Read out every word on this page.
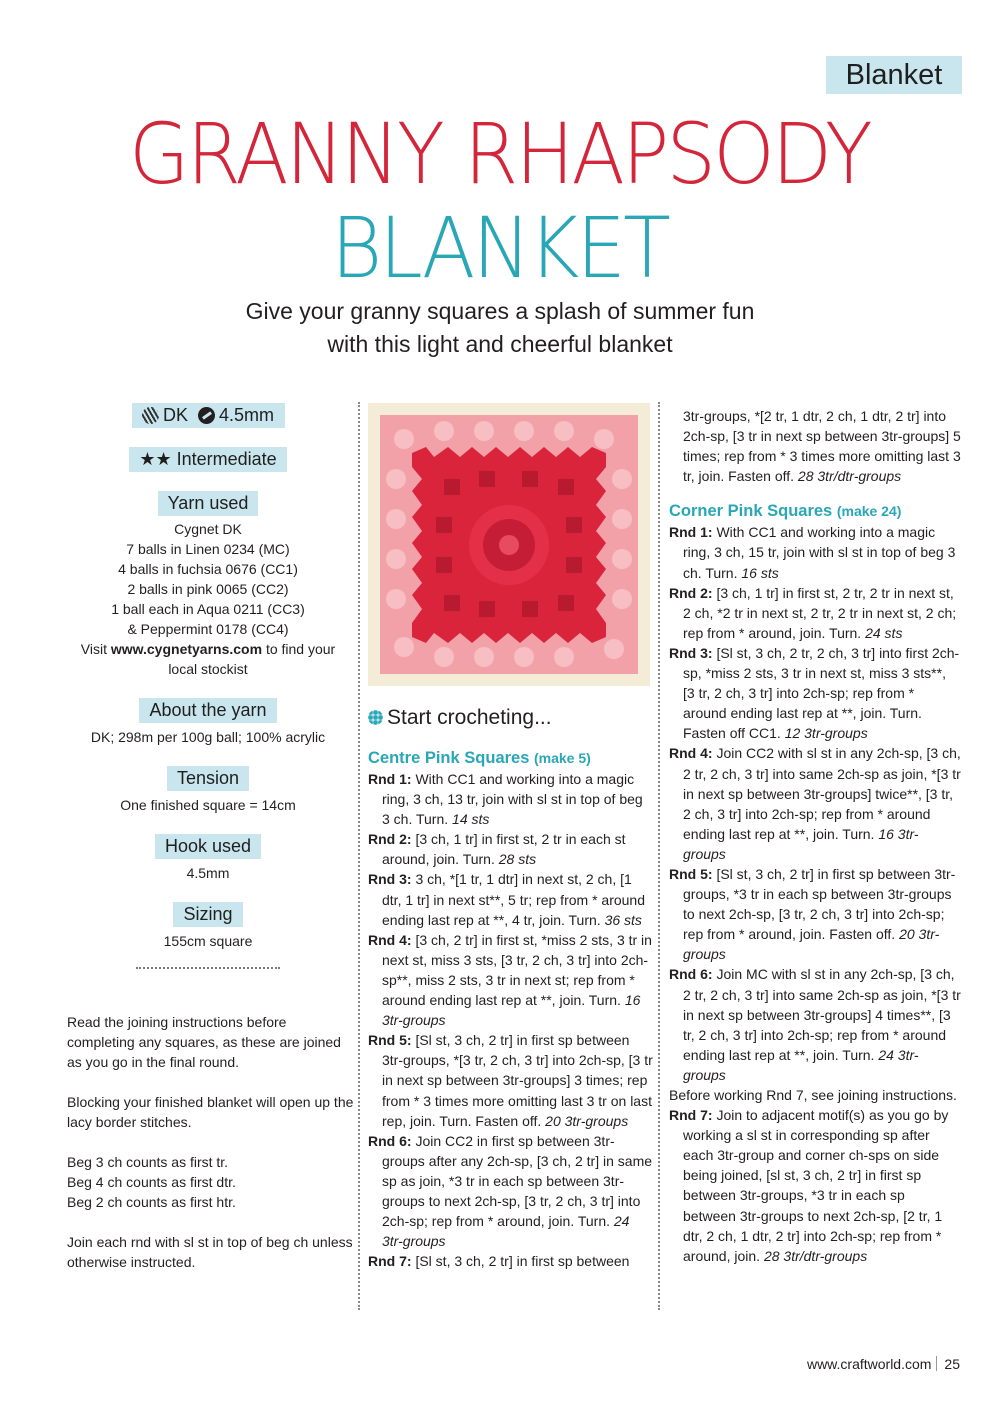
Blanket
GRANNY RHAPSODY
BLANKET
Give your granny squares a splash of summer fun
with this light and cheerful blanket
DK 4.5mm
★★ Intermediate
Yarn used
Cygnet DK
7 balls in Linen 0234 (MC)
4 balls in fuchsia 0676 (CC1)
2 balls in pink 0065 (CC2)
1 ball each in Aqua 0211 (CC3)
& Peppermint 0178 (CC4)
Visit www.cygnetyarns.com to find your
local stockist
About the yarn
DK; 298m per 100g ball; 100% acrylic
Tension
One finished square = 14cm
Hook used
4.5mm
Sizing
155cm square

Read the joining instructions before completing any squares, as these are joined as you go in the final round.

Blocking your finished blanket will open up the lacy border stitches.

Beg 3 ch counts as first tr.
Beg 4 ch counts as first dtr.
Beg 2 ch counts as first htr.

Join each rnd with sl st in top of beg ch unless otherwise instructed.

Start crocheting...
Centre Pink Squares (make 5)
Rnd 1: With CC1 and working into a magic ring, 3 ch, 13 tr, join with sl st in top of beg 3 ch. Turn. 14 sts
Rnd 2: [3 ch, 1 tr] in first st, 2 tr in each st around, join. Turn. 28 sts
Rnd 3: 3 ch, *[1 tr, 1 dtr] in next st, 2 ch, [1 dtr, 1 tr] in next st**, 5 tr; rep from * around ending last rep at **, 4 tr, join. Turn. 36 sts
Rnd 4: [3 ch, 2 tr] in first st, *miss 2 sts, 3 tr in next st, miss 3 sts, [3 tr, 2 ch, 3 tr] into 2ch-sp**, miss 2 sts, 3 tr in next st; rep from * around ending last rep at **, join. Turn. 16 3tr-groups
Rnd 5: [Sl st, 3 ch, 2 tr] in first sp between 3tr-groups, *[3 tr, 2 ch, 3 tr] into 2ch-sp, [3 tr in next sp between 3tr-groups] 3 times; rep from * 3 times more omitting last 3 tr on last rep, join. Turn. Fasten off. 20 3tr-groups
Rnd 6: Join CC2 in first sp between 3tr-groups after any 2ch-sp, [3 ch, 2 tr] in same sp as join, *3 tr in each sp between 3tr-groups to next 2ch-sp, [3 tr, 2 ch, 3 tr] into 2ch-sp; rep from * around, join. Turn. 24 3tr-groups
Rnd 7: [Sl st, 3 ch, 2 tr] in first sp between
3tr-groups, *[2 tr, 1 dtr, 2 ch, 1 dtr, 2 tr] into 2ch-sp, [3 tr in next sp between 3tr-groups] 5 times; rep from * 3 times more omitting last 3 tr, join. Fasten off. 28 3tr/dtr-groups
Corner Pink Squares (make 24)
Rnd 1: With CC1 and working into a magic ring, 3 ch, 15 tr, join with sl st in top of beg 3 ch. Turn. 16 sts
Rnd 2: [3 ch, 1 tr] in first st, 2 tr, 2 tr in next st, 2 ch, *2 tr in next st, 2 tr, 2 tr in next st, 2 ch; rep from * around, join. Turn. 24 sts
Rnd 3: [Sl st, 3 ch, 2 tr, 2 ch, 3 tr] into first 2ch-sp, *miss 2 sts, 3 tr in next st, miss 3 sts**, [3 tr, 2 ch, 3 tr] into 2ch-sp; rep from * around ending last rep at **, join. Turn. Fasten off CC1. 12 3tr-groups
Rnd 4: Join CC2 with sl st in any 2ch-sp, [3 ch, 2 tr, 2 ch, 3 tr] into same 2ch-sp as join, *[3 tr in next sp between 3tr-groups] twice**, [3 tr, 2 ch, 3 tr] into 2ch-sp; rep from * around ending last rep at **, join. Turn. 16 3tr-groups
Rnd 5: [Sl st, 3 ch, 2 tr] in first sp between 3tr-groups, *3 tr in each sp between 3tr-groups to next 2ch-sp, [3 tr, 2 ch, 3 tr] into 2ch-sp; rep from * around, join. Fasten off. 20 3tr-groups
Rnd 6: Join MC with sl st in any 2ch-sp, [3 ch, 2 tr, 2 ch, 3 tr] into same 2ch-sp as join, *[3 tr in next sp between 3tr-groups] 4 times**, [3 tr, 2 ch, 3 tr] into 2ch-sp; rep from * around ending last rep at **, join. Turn. 24 3tr-groups
Before working Rnd 7, see joining instructions.
Rnd 7: Join to adjacent motif(s) as you go by working a sl st in corresponding sp after each 3tr-group and corner ch-sps on side being joined, [sl st, 3 ch, 2 tr] in first sp between 3tr-groups, *3 tr in each sp between 3tr-groups to next 2ch-sp, [2 tr, 1 dtr, 2 ch, 1 dtr, 2 tr] into 2ch-sp; rep from * around, join. 28 3tr/dtr-groups
www.craftworld.com 25
